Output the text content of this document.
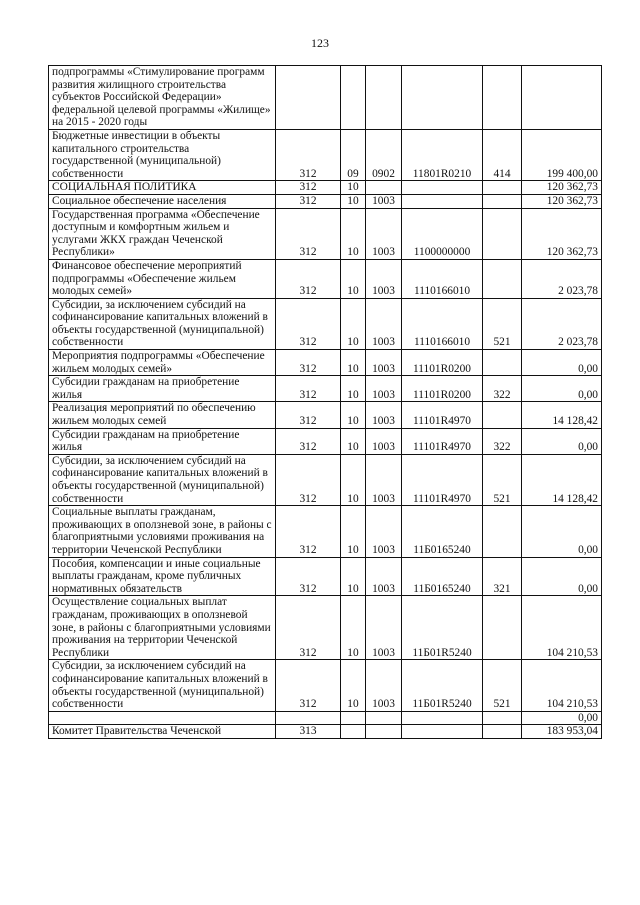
123
подпрограммы «Стимулирование программ развития жилищного строительства субъектов Российской Федерации» федеральной целевой программы «Жилище» на 2015 - 2020 годы						
Бюджетные инвестиции в объекты капитального строительства государственной (муниципальной) собственности	312	09	0902	11801R0210	414	199 400,00
СОЦИАЛЬНАЯ ПОЛИТИКА	312	10				120 362,73
Социальное обеспечение населения	312	10	1003			120 362,73
Государственная программа «Обеспечение доступным и комфортным жильем и услугами ЖКХ граждан Чеченской Республики»	312	10	1003	1100000000		120 362,73
Финансовое обеспечение мероприятий подпрограммы «Обеспечение жильем молодых семей»	312	10	1003	1110166010		2 023,78
Субсидии, за исключением субсидий на софинансирование капитальных вложений в объекты государственной (муниципальной) собственности	312	10	1003	1110166010	521	2 023,78
Мероприятия подпрограммы «Обеспечение жильем молодых семей»	312	10	1003	11101R0200		0,00
Субсидии гражданам на приобретение жилья	312	10	1003	11101R0200	322	0,00
Реализация мероприятий по обеспечению жильем молодых семей	312	10	1003	11101R4970		14 128,42
Субсидии гражданам на приобретение жилья	312	10	1003	11101R4970	322	0,00
Субсидии, за исключением субсидий на софинансирование капитальных вложений в объекты государственной (муниципальной) собственности	312	10	1003	11101R4970	521	14 128,42
Социальные выплаты гражданам, проживающих в оползневой зоне, в районы с благоприятными условиями проживания на территории Чеченской Республики	312	10	1003	11Б0165240		0,00
Пособия, компенсации и иные социальные выплаты гражданам, кроме публичных нормативных обязательств	312	10	1003	11Б0165240	321	0,00
Осуществление социальных выплат гражданам, проживающих в оползневой зоне, в районы с благоприятными условиями проживания на территории Чеченской Республики	312	10	1003	11Б01R5240		104 210,53
Субсидии, за исключением субсидий на софинансирование капитальных вложений в объекты государственной (муниципальной) собственности	312	10	1003	11Б01R5240	521	104 210,53
						0,00
Комитет Правительства Чеченской	313					183 953,04
